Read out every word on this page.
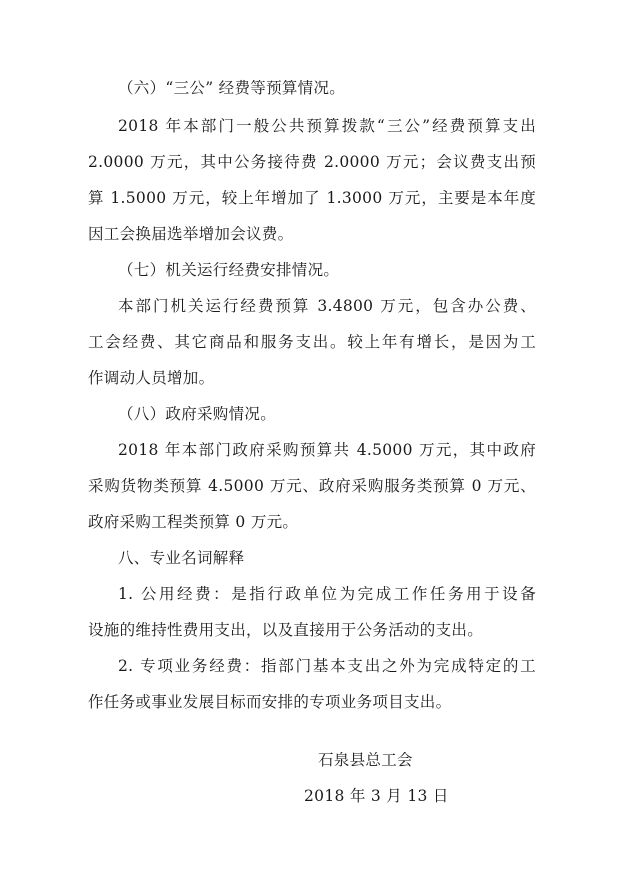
（六）“三公” 经费等预算情况。
2018 年本部门一般公共预算拨款“三公”经费预算支出
2.0000 万元，其中公务接待费 2.0000 万元；会议费支出预
算 1.5000 万元，较上年增加了 1.3000 万元，主要是本年度
因工会换届选举增加会议费。
（七）机关运行经费安排情况。
本部门机关运行经费预算 3.4800 万元，包含办公费、
工会经费、其它商品和服务支出。较上年有增长，是因为工
作调动人员增加。
（八）政府采购情况。
2018 年本部门政府采购预算共 4.5000 万元，其中政府
采购货物类预算 4.5000 万元、政府采购服务类预算 0 万元、
政府采购工程类预算 0 万元。
八、专业名词解释
1. 公用经费：是指行政单位为完成工作任务用于设备
设施的维持性费用支出，以及直接用于公务活动的支出。
2. 专项业务经费：指部门基本支出之外为完成特定的工
作任务或事业发展目标而安排的专项业务项目支出。
石泉县总工会
2018 年 3 月 13 日
